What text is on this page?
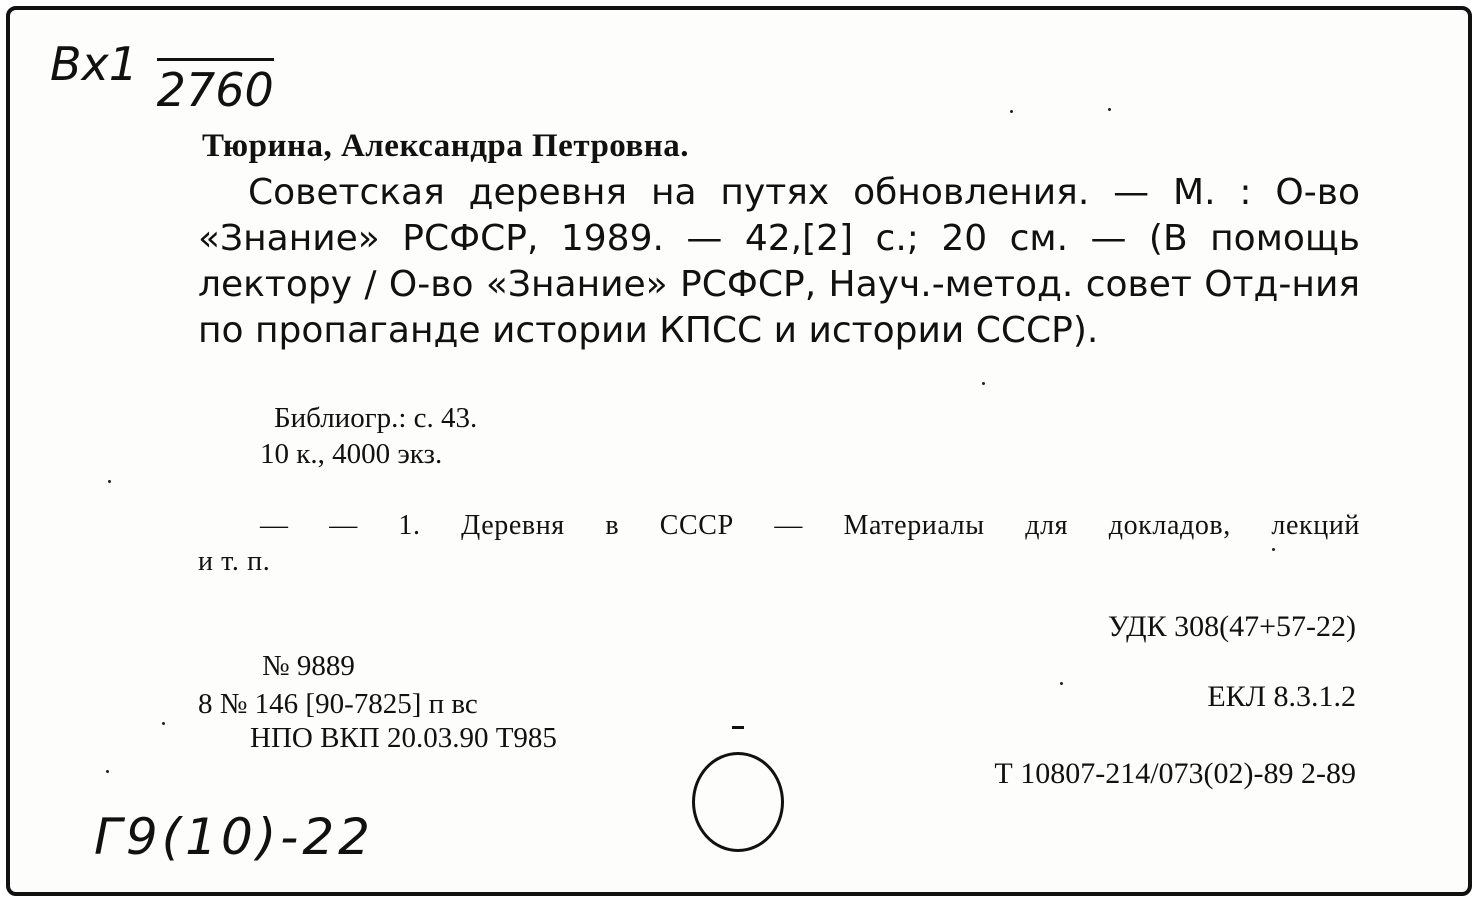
Вх1 2760
Тюрина, Александра Петровна.
Советская деревня на путях обновления. — М. : О-во «Знание» РСФСР, 1989. — 42,[2] с.; 20 см. — (В помощь лектору / О-во «Знание» РСФСР, Науч.-метод. совет Отд-ния по пропаганде истории КПСС и истории СССР).
Библиогр.: с. 43.
10 к., 4000 экз.
— — 1. Деревня в СССР — Материалы для докладов, лекций
и т. п.
УДК 308(47+57-22)
№ 9889
8 № 146 [90-7825] п вс
НПО ВКП 20.03.90 Т985
ЕКЛ 8.3.1.2
Т 10807-214/073(02)-89 2-89
Г9(10)-22
